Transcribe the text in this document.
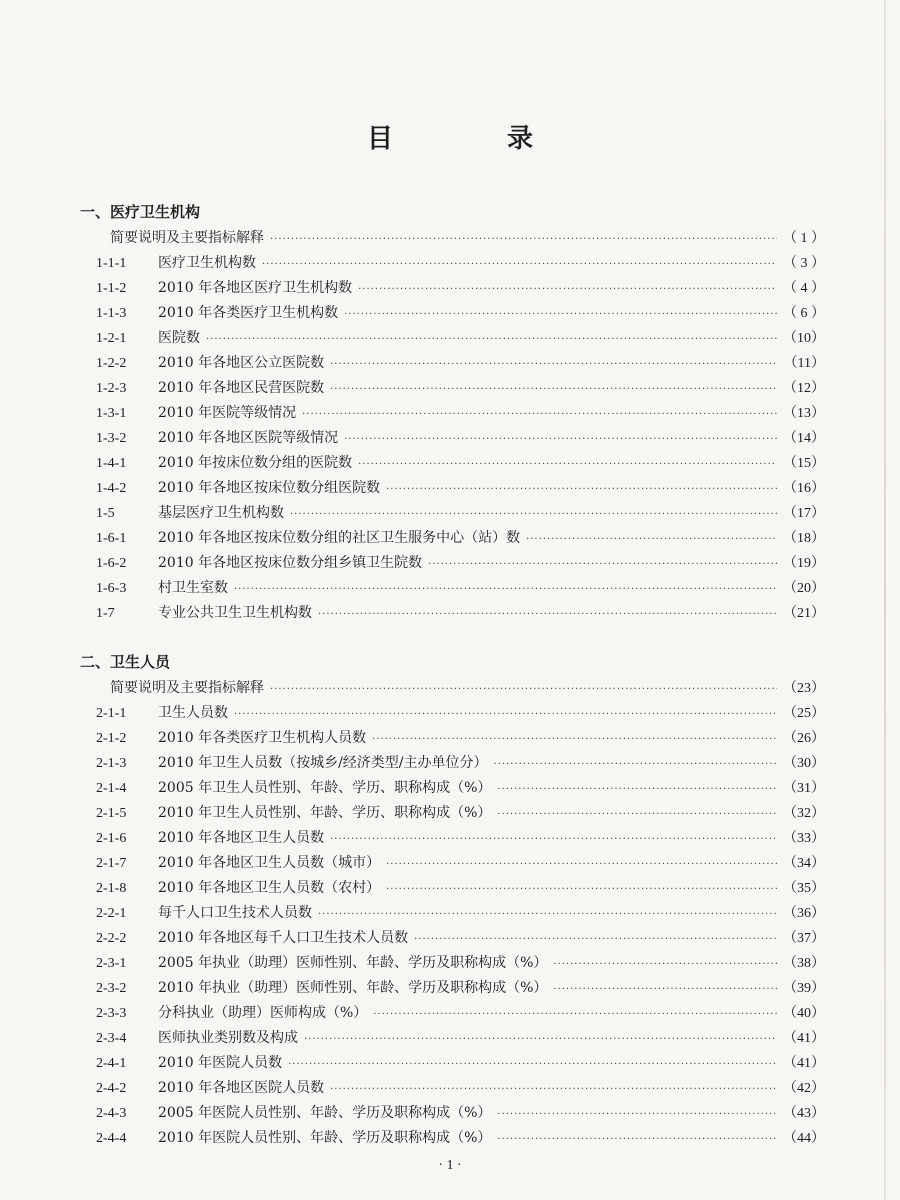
目　录
一、医疗卫生机构
简要说明及主要指标解释 ·····	（ 1 ）
1-1-1	医疗卫生机构数 ·····	（ 3 ）
1-1-2	2010 年各地区医疗卫生机构数 ·····	（ 4 ）
1-1-3	2010 年各类医疗卫生机构数 ·····	（ 6 ）
1-2-1	医院数 ·····	（10）
1-2-2	2010 年各地区公立医院数 ·····	（11）
1-2-3	2010 年各地区民营医院数 ·····	（12）
1-3-1	2010 年医院等级情况 ·····	（13）
1-3-2	2010 年各地区医院等级情况 ·····	（14）
1-4-1	2010 年按床位数分组的医院数 ·····	（15）
1-4-2	2010 年各地区按床位数分组医院数 ·····	（16）
1-5	基层医疗卫生机构数 ·····	（17）
1-6-1	2010 年各地区按床位数分组的社区卫生服务中心（站）数 ·····	（18）
1-6-2	2010 年各地区按床位数分组乡镇卫生院数 ·····	（19）
1-6-3	村卫生室数 ·····	（20）
1-7	专业公共卫生卫生机构数 ·····	（21）
二、卫生人员
简要说明及主要指标解释 ·····	（23）
2-1-1	卫生人员数 ·····	（25）
2-1-2	2010 年各类医疗卫生机构人员数 ·····	（26）
2-1-3	2010 年卫生人员数（按城乡/经济类型/主办单位分） ·····	（30）
2-1-4	2005 年卫生人员性别、年龄、学历、职称构成（%） ·····	（31）
2-1-5	2010 年卫生人员性别、年龄、学历、职称构成（%） ·····	（32）
2-1-6	2010 年各地区卫生人员数 ·····	（33）
2-1-7	2010 年各地区卫生人员数（城市） ·····	（34）
2-1-8	2010 年各地区卫生人员数（农村） ·····	（35）
2-2-1	每千人口卫生技术人员数 ·····	（36）
2-2-2	2010 年各地区每千人口卫生技术人员数 ·····	（37）
2-3-1	2005 年执业（助理）医师性别、年龄、学历及职称构成（%） ·····	（38）
2-3-2	2010 年执业（助理）医师性别、年龄、学历及职称构成（%） ·····	（39）
2-3-3	分科执业（助理）医师构成（%） ·····	（40）
2-3-4	医师执业类别数及构成 ·····	（41）
2-4-1	2010 年医院人员数 ·····	（41）
2-4-2	2010 年各地区医院人员数 ·····	（42）
2-4-3	2005 年医院人员性别、年龄、学历及职称构成（%） ·····	（43）
2-4-4	2010 年医院人员性别、年龄、学历及职称构成（%） ·····	（44）
· 1 ·
